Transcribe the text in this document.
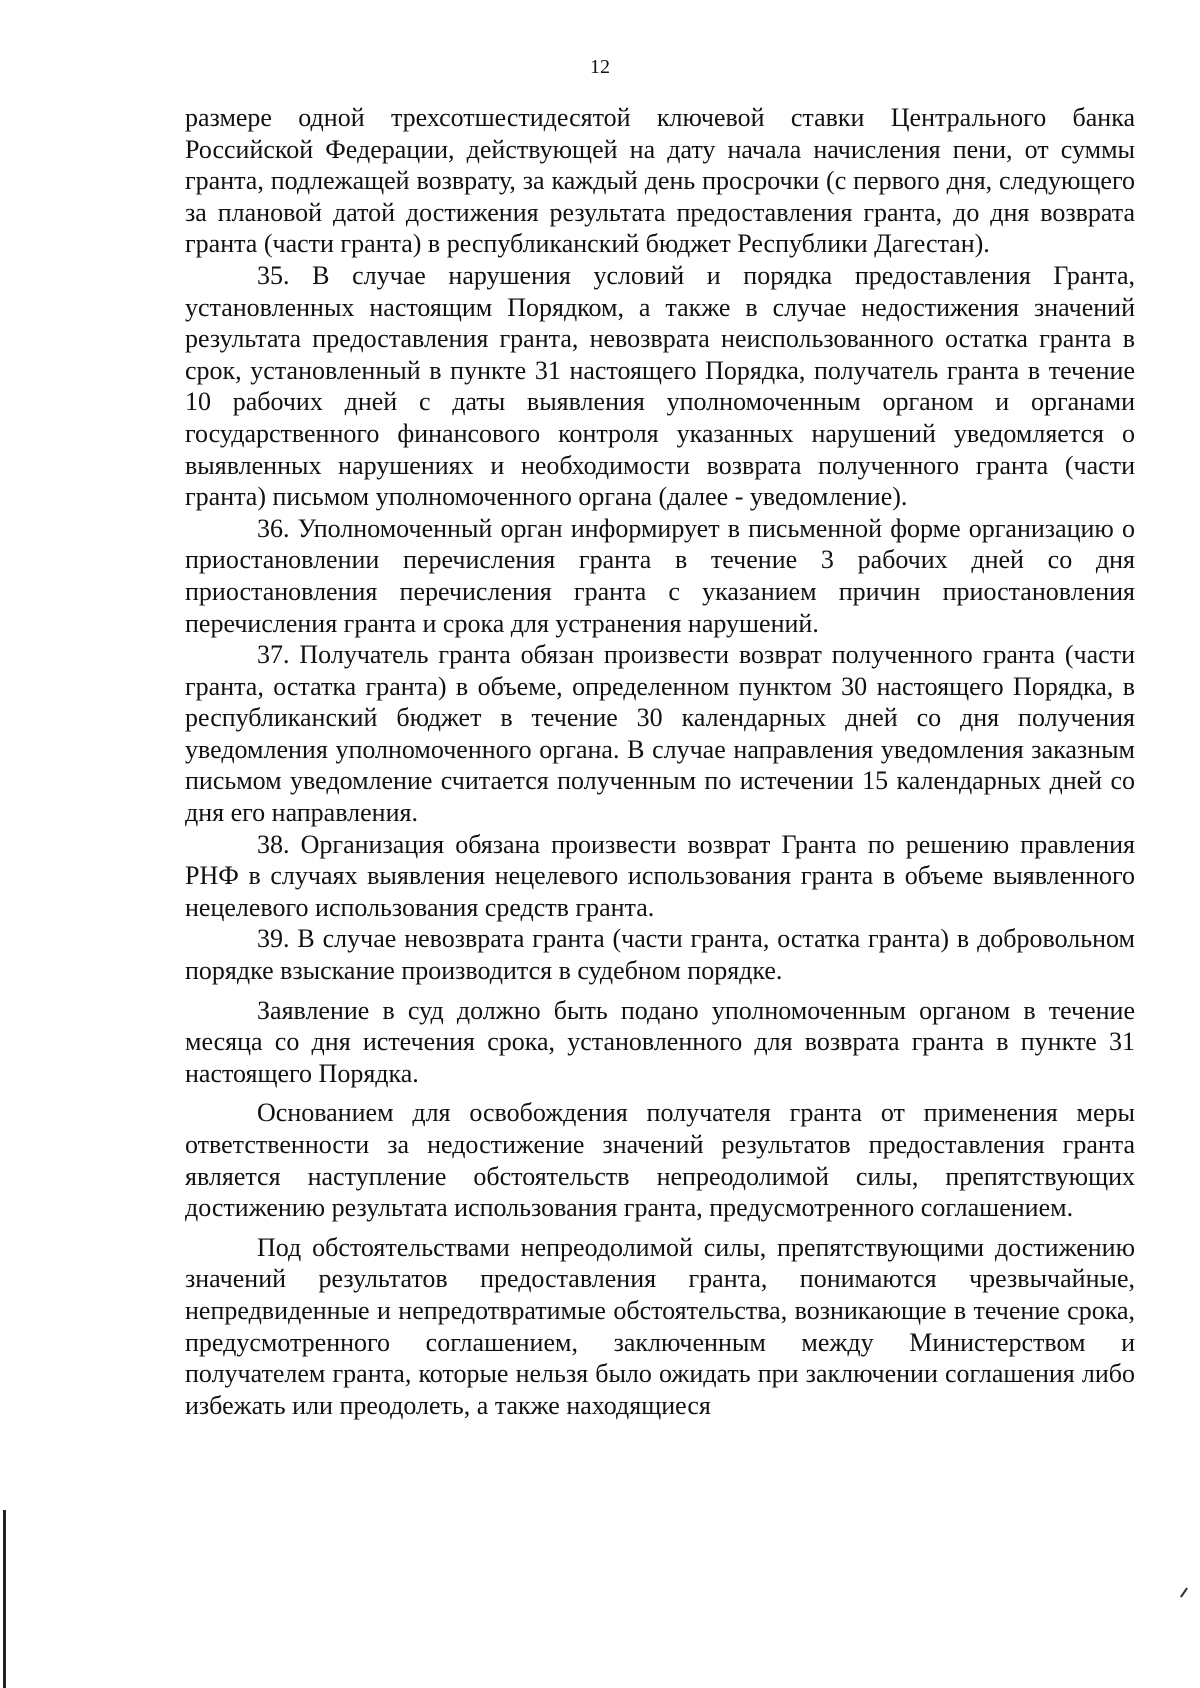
12

размере одной трехсотшестидесятой ключевой ставки Центрального банка Российской Федерации, действующей на дату начала начисления пени, от суммы гранта, подлежащей возврату, за каждый день просрочки (с первого дня, следующего за плановой датой достижения результата предоставления гранта, до дня возврата гранта (части гранта) в республиканский бюджет Республики Дагестан).

35. В случае нарушения условий и порядка предоставления Гранта, установленных настоящим Порядком, а также в случае недостижения значений результата предоставления гранта, невозврата неиспользованного остатка гранта в срок, установленный в пункте 31 настоящего Порядка, получатель гранта в течение 10 рабочих дней с даты выявления уполномоченным органом и органами государственного финансового контроля указанных нарушений уведомляется о выявленных нарушениях и необходимости возврата полученного гранта (части гранта) письмом уполномоченного органа (далее - уведомление).

36. Уполномоченный орган информирует в письменной форме организацию о приостановлении перечисления гранта в течение 3 рабочих дней со дня приостановления перечисления гранта с указанием причин приостановления перечисления гранта и срока для устранения нарушений.

37. Получатель гранта обязан произвести возврат полученного гранта (части гранта, остатка гранта) в объеме, определенном пунктом 30 настоящего Порядка, в республиканский бюджет в течение 30 календарных дней со дня получения уведомления уполномоченного органа. В случае направления уведомления заказным письмом уведомление считается полученным по истечении 15 календарных дней со дня его направления.

38. Организация обязана произвести возврат Гранта по решению правления РНФ в случаях выявления нецелевого использования гранта в объеме выявленного нецелевого использования средств гранта.

39. В случае невозврата гранта (части гранта, остатка гранта) в добровольном порядке взыскание производится в судебном порядке.

Заявление в суд должно быть подано уполномоченным органом в течение месяца со дня истечения срока, установленного для возврата гранта в пункте 31 настоящего Порядка.

Основанием для освобождения получателя гранта от применения меры ответственности за недостижение значений результатов предоставления гранта является наступление обстоятельств непреодолимой силы, препятствующих достижению результата использования гранта, предусмотренного соглашением.

Под обстоятельствами непреодолимой силы, препятствующими достижению значений результатов предоставления гранта, понимаются чрезвычайные, непредвиденные и непредотвратимые обстоятельства, возникающие в течение срока, предусмотренного соглашением, заключенным между Министерством и получателем гранта, которые нельзя было ожидать при заключении соглашения либо избежать или преодолеть, а также находящиеся
